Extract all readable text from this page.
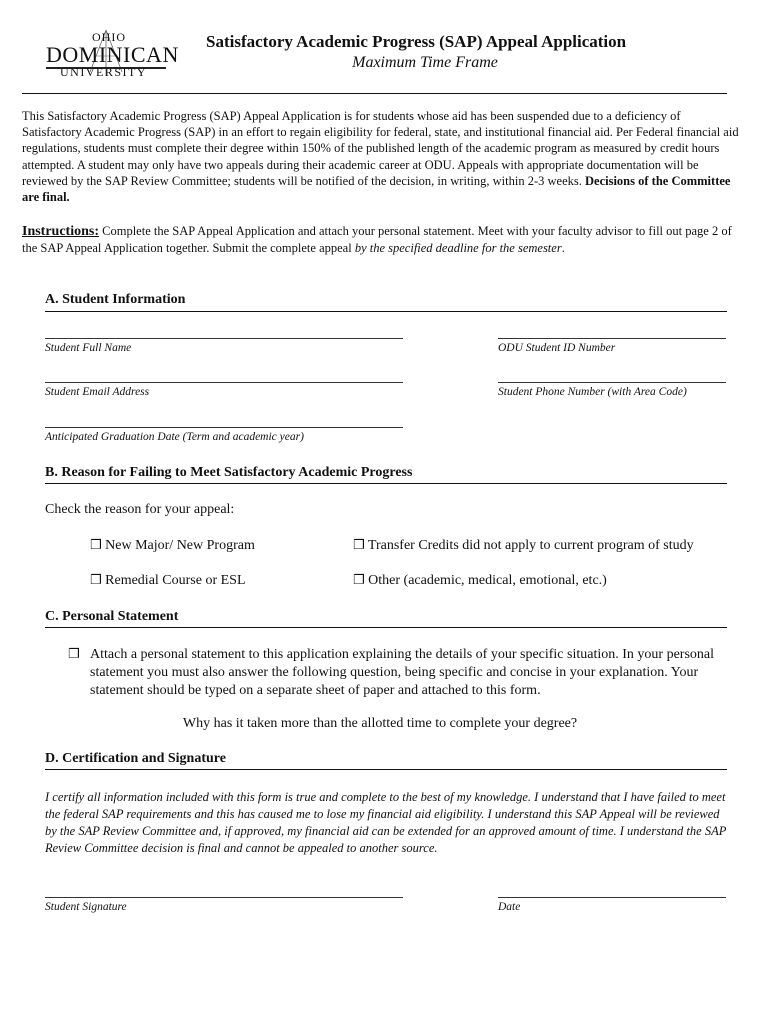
OHIO
DOMINICAN
UNIVERSITY
Satisfactory Academic Progress (SAP) Appeal Application
Maximum Time Frame
This Satisfactory Academic Progress (SAP) Appeal Application is for students whose aid has been suspended due to a deficiency of Satisfactory Academic Progress (SAP) in an effort to regain eligibility for federal, state, and institutional financial aid. Per Federal financial aid regulations, students must complete their degree within 150% of the published length of the academic program as measured by credit hours attempted. A student may only have two appeals during their academic career at ODU. Appeals with appropriate documentation will be reviewed by the SAP Review Committee; students will be notified of the decision, in writing, within 2-3 weeks. Decisions of the Committee are final.
Instructions: Complete the SAP Appeal Application and attach your personal statement. Meet with your faculty advisor to fill out page 2 of the SAP Appeal Application together. Submit the complete appeal by the specified deadline for the semester.
A. Student Information
Student Full Name	ODU Student ID Number
Student Email Address	Student Phone Number (with Area Code)
Anticipated Graduation Date (Term and academic year)
B. Reason for Failing to Meet Satisfactory Academic Progress
Check the reason for your appeal:
❒ New Major/ New Program	❒ Transfer Credits did not apply to current program of study
❒ Remedial Course or ESL	❒ Other (academic, medical, emotional, etc.)
C. Personal Statement
❒ Attach a personal statement to this application explaining the details of your specific situation. In your personal statement you must also answer the following question, being specific and concise in your explanation. Your statement should be typed on a separate sheet of paper and attached to this form.
Why has it taken more than the allotted time to complete your degree?
D. Certification and Signature
I certify all information included with this form is true and complete to the best of my knowledge. I understand that I have failed to meet the federal SAP requirements and this has caused me to lose my financial aid eligibility. I understand this SAP Appeal will be reviewed by the SAP Review Committee and, if approved, my financial aid can be extended for an approved amount of time. I understand the SAP Review Committee decision is final and cannot be appealed to another source.
Student Signature	Date
